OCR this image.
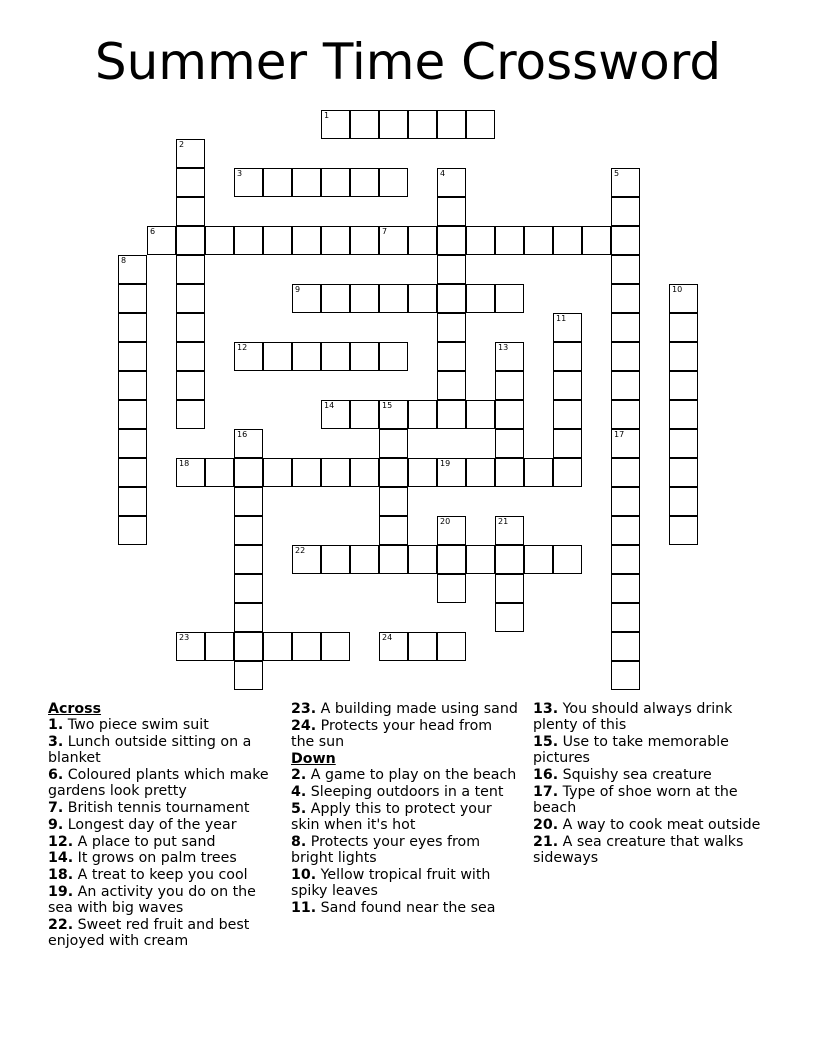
Summer Time Crossword
1
2
3	4	5
6	7
8
9	10
11
12	13
14	15
16	17
18	19
20	21
22
23	24
Across
1. Two piece swim suit
3. Lunch outside sitting on a blanket
6. Coloured plants which make gardens look pretty
7. British tennis tournament
9. Longest day of the year
12. A place to put sand
14. It grows on palm trees
18. A treat to keep you cool
19. An activity you do on the sea with big waves
22. Sweet red fruit and best enjoyed with cream
23. A building made using sand
24. Protects your head from the sun
Down
2. A game to play on the beach
4. Sleeping outdoors in a tent
5. Apply this to protect your skin when it's hot
8. Protects your eyes from bright lights
10. Yellow tropical fruit with spiky leaves
11. Sand found near the sea
13. You should always drink plenty of this
15. Use to take memorable pictures
16. Squishy sea creature
17. Type of shoe worn at the beach
20. A way to cook meat outside
21. A sea creature that walks sideways
